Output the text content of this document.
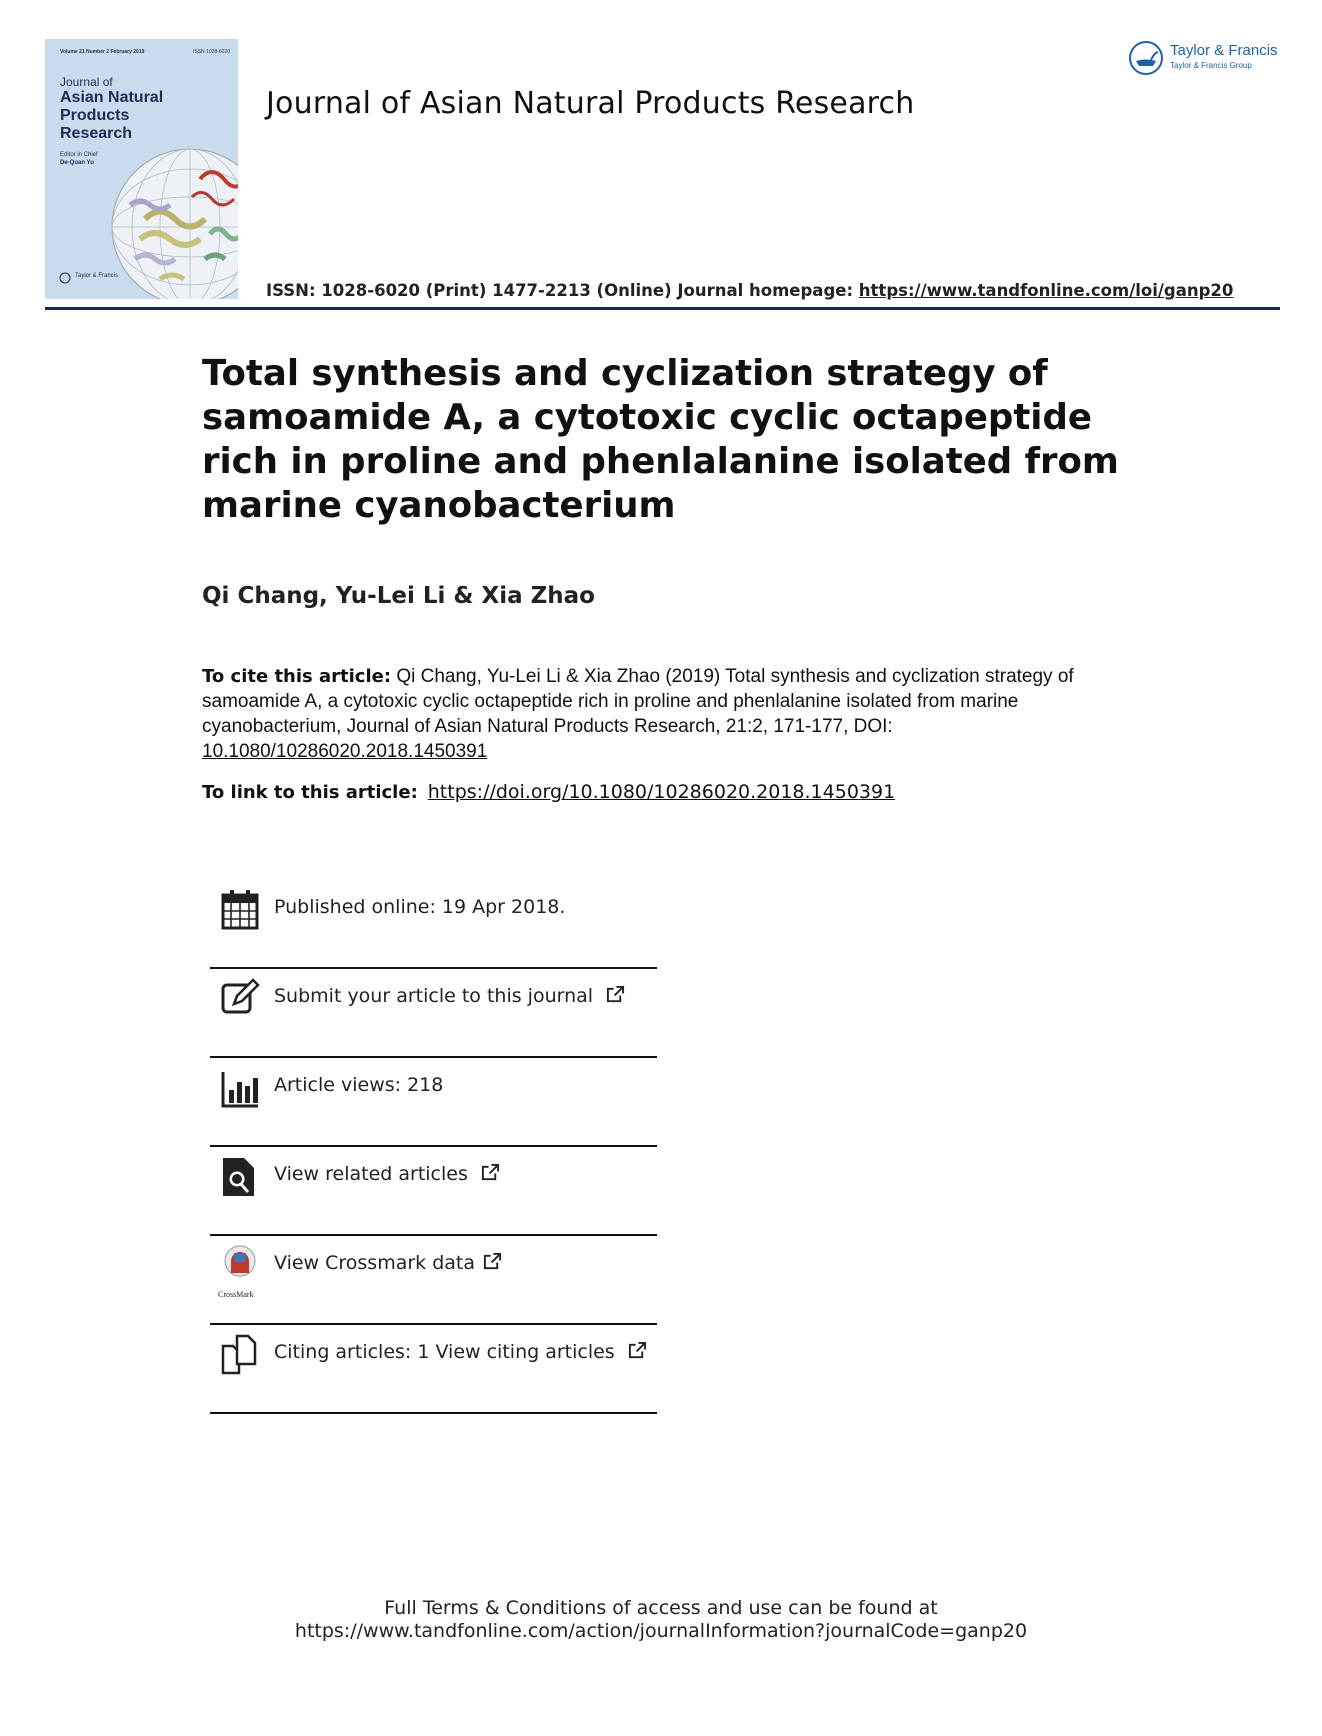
Volume 21 Number 2 February 2019	ISSN 1028-6020
Journal of
Asian Natural
Products
Research
Editor in Chief
De-Quan Yu
Taylor & Francis
Journal of Asian Natural Products Research
ISSN: 1028-6020 (Print) 1477-2213 (Online) Journal homepage: https://www.tandfonline.com/loi/ganp20
Taylor & Francis
Taylor & Francis Group
Total synthesis and cyclization strategy of samoamide A, a cytotoxic cyclic octapeptide rich in proline and phenlalanine isolated from marine cyanobacterium
Qi Chang, Yu-Lei Li & Xia Zhao
To cite this article: Qi Chang, Yu-Lei Li & Xia Zhao (2019) Total synthesis and cyclization strategy of samoamide A, a cytotoxic cyclic octapeptide rich in proline and phenlalanine isolated from marine cyanobacterium, Journal of Asian Natural Products Research, 21:2, 171-177, DOI: 10.1080/10286020.2018.1450391
To link to this article: https://doi.org/10.1080/10286020.2018.1450391
Published online: 19 Apr 2018.
Submit your article to this journal
Article views: 218
View related articles
CrossMark
View Crossmark data
Citing articles: 1 View citing articles
Full Terms & Conditions of access and use can be found at
https://www.tandfonline.com/action/journalInformation?journalCode=ganp20
